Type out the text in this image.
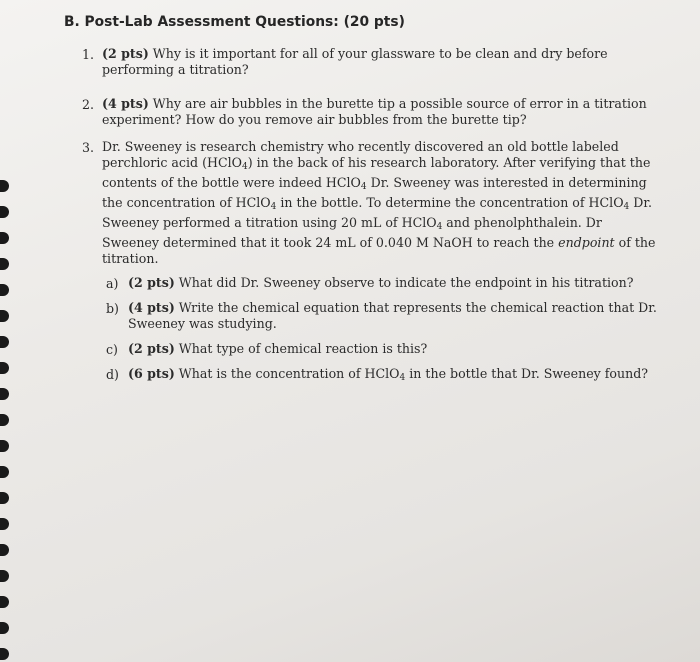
B. Post-Lab Assessment Questions: (20 pts)
1. (2 pts) Why is it important for all of your glassware to be clean and dry before
performing a titration?
2. (4 pts) Why are air bubbles in the burette tip a possible source of error in a titration
experiment? How do you remove air bubbles from the burette tip?
3. Dr. Sweeney is research chemistry who recently discovered an old bottle labeled
perchloric acid (HClO$_4$) in the back of his research laboratory. After verifying that the
contents of the bottle were indeed HClO$_4$ Dr. Sweeney was interested in determining
the concentration of HClO$_4$ in the bottle. To determine the concentration of HClO$_4$ Dr.
Sweeney performed a titration using 20 mL of HClO$_4$ and phenolphthalein. Dr
Sweeney determined that it took 24 mL of 0.040 M NaOH to reach the endpoint of the
titration.
a) (2 pts) What did Dr. Sweeney observe to indicate the endpoint in his titration?
b) (4 pts) Write the chemical equation that represents the chemical reaction that Dr.
Sweeney was studying.
c) (2 pts) What type of chemical reaction is this?
d) (6 pts) What is the concentration of HClO$_4$ in the bottle that Dr. Sweeney found?
